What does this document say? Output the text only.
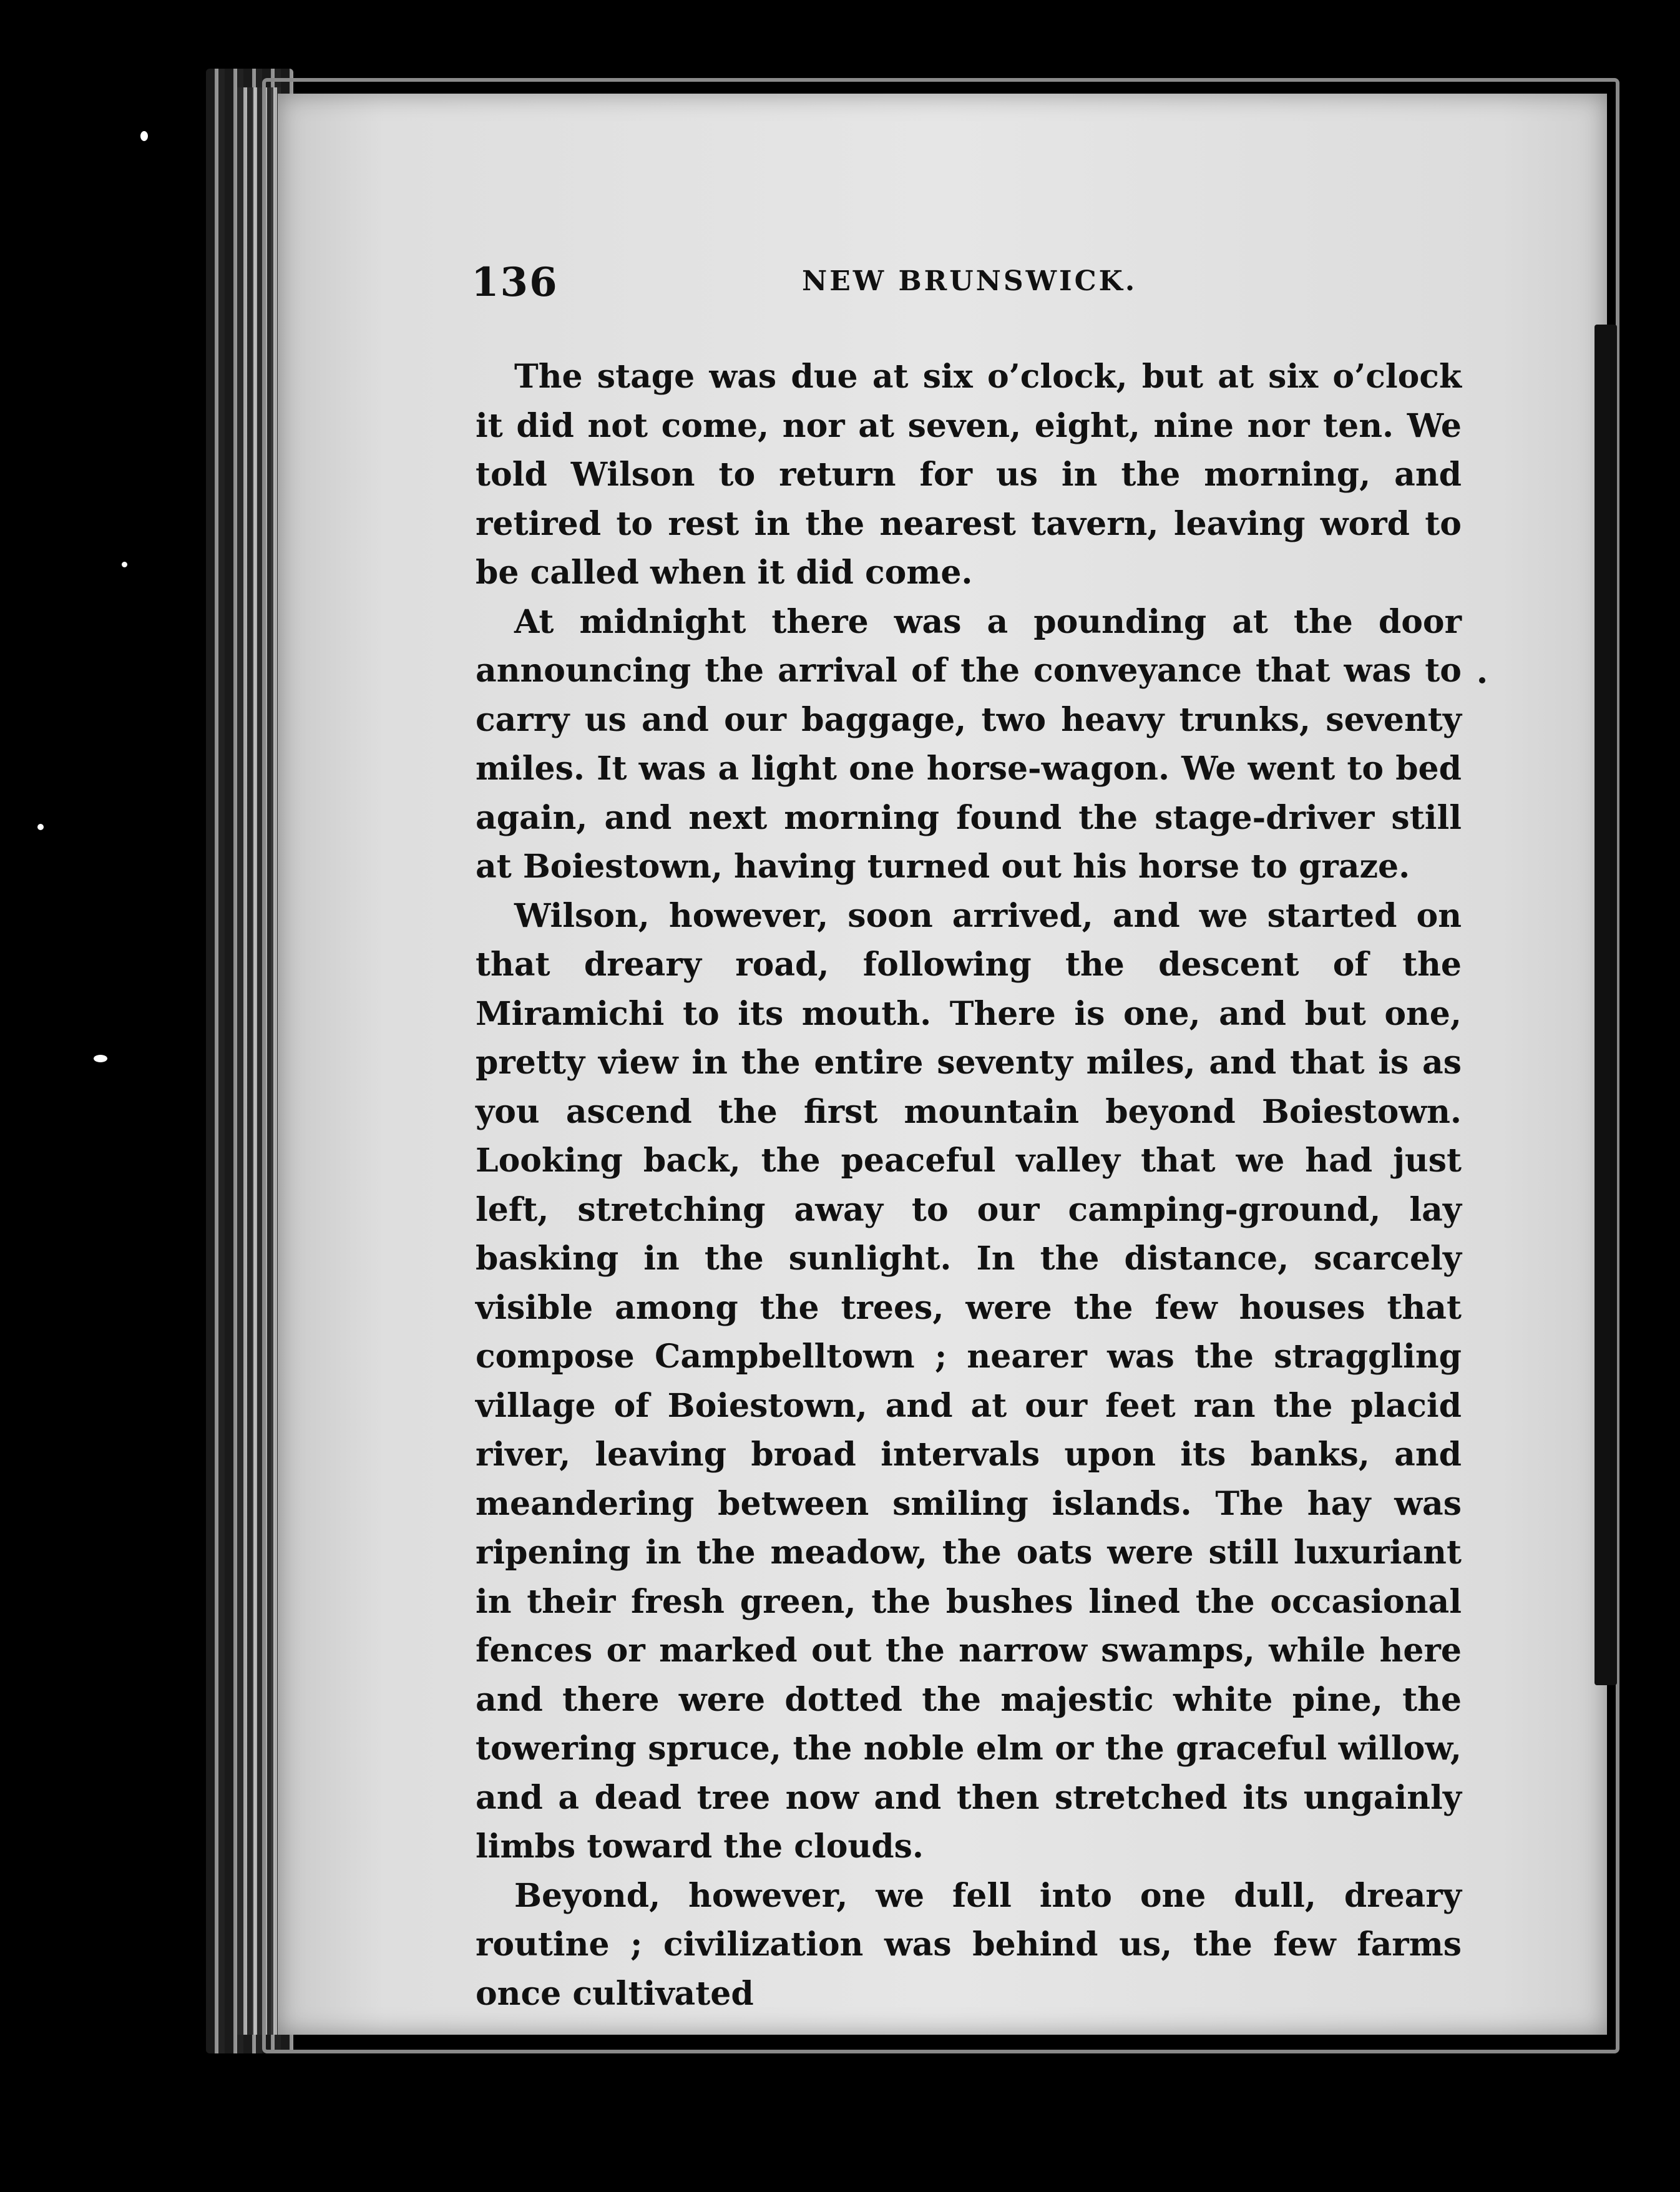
136	NEW BRUNSWICK.

The stage was due at six o’clock, but at six o’clock it did not come, nor at seven, eight, nine nor ten. We told Wilson to return for us in the morning, and retired to rest in the nearest tavern, leaving word to be called when it did come.

At midnight there was a pounding at the door announcing the arrival of the conveyance that was to carry us and our baggage, two heavy trunks, seventy miles. It was a light one horse-wagon. We went to bed again, and next morning found the stage-driver still at Boiestown, having turned out his horse to graze.

Wilson, however, soon arrived, and we started on that dreary road, following the descent of the Miramichi to its mouth. There is one, and but one, pretty view in the entire seventy miles, and that is as you ascend the first mountain beyond Boiestown. Looking back, the peaceful valley that we had just left, stretching away to our camping-ground, lay basking in the sunlight. In the distance, scarcely visible among the trees, were the few houses that compose Campbelltown ; nearer was the straggling village of Boiestown, and at our feet ran the placid river, leaving broad intervals upon its banks, and meandering between smiling islands. The hay was ripening in the meadow, the oats were still luxuriant in their fresh green, the bushes lined the occasional fences or marked out the narrow swamps, while here and there were dotted the majestic white pine, the towering spruce, the noble elm or the graceful willow, and a dead tree now and then stretched its ungainly limbs toward the clouds.

Beyond, however, we fell into one dull, dreary routine ; civilization was behind us, the few farms once cultivated
